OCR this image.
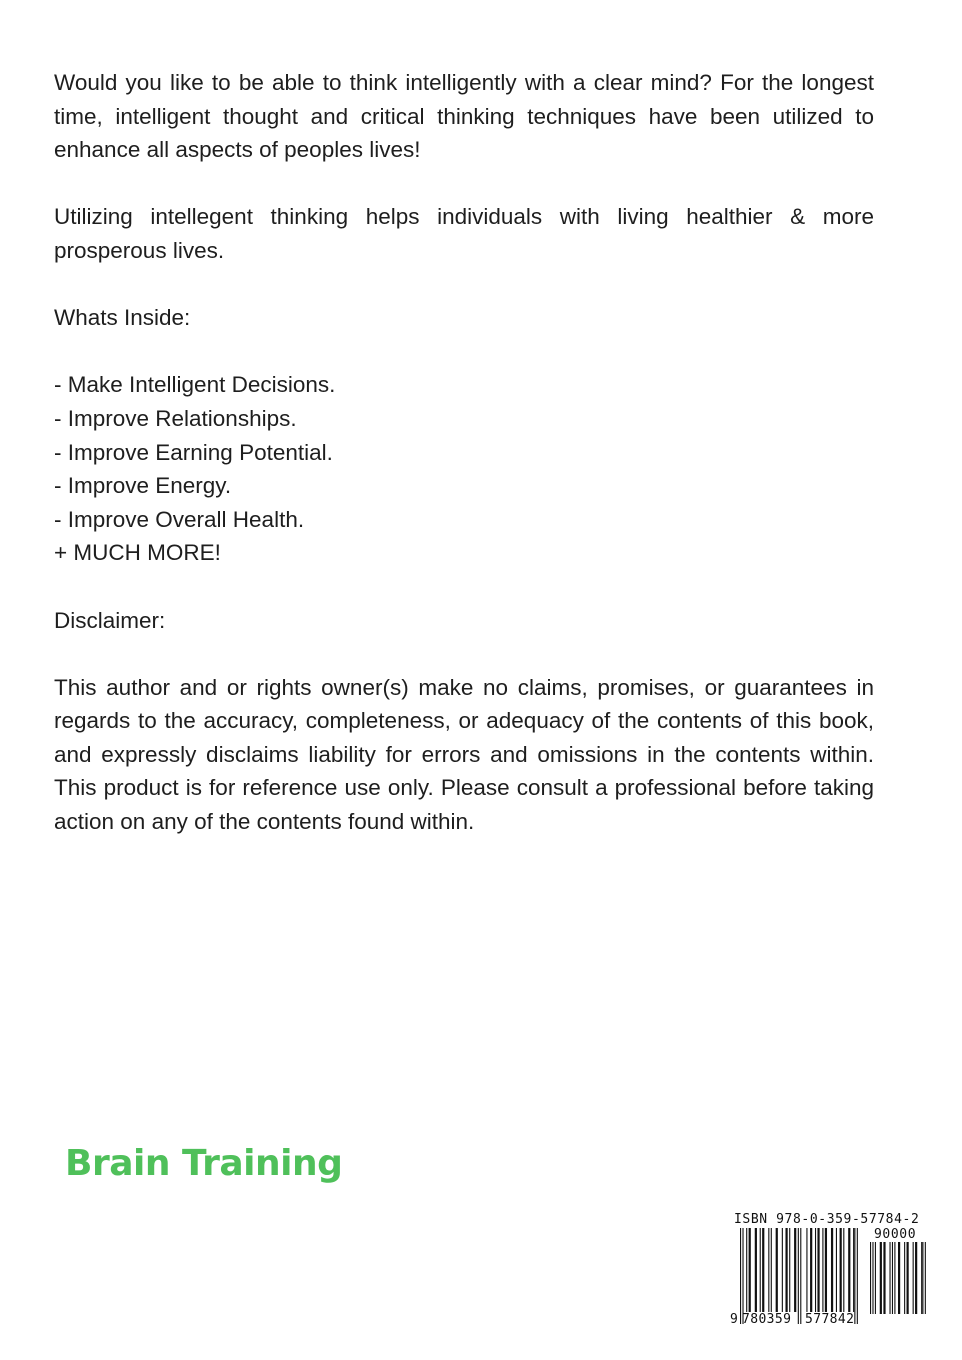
Would you like to be able to think intelligently with a clear mind? For the longest time, intelligent thought and critical thinking techniques have been utilized to enhance all aspects of peoples lives!

Utilizing intellegent thinking helps individuals with living healthier & more prosperous lives.

Whats Inside:

- Make Intelligent Decisions.
- Improve Relationships.
- Improve Earning Potential.
- Improve Energy.
- Improve Overall Health.
+ MUCH MORE!

Disclaimer:

This author and or rights owner(s) make no claims, promises, or guarantees in regards to the accuracy, completeness, or adequacy of the contents of this book, and expressly disclaims liability for errors and omissions in the contents within. This product is for reference use only. Please consult a professional before taking action on any of the contents found within.

Brain Training
ISBN 978-0-359-57784-2
90000
9 780359 577842
